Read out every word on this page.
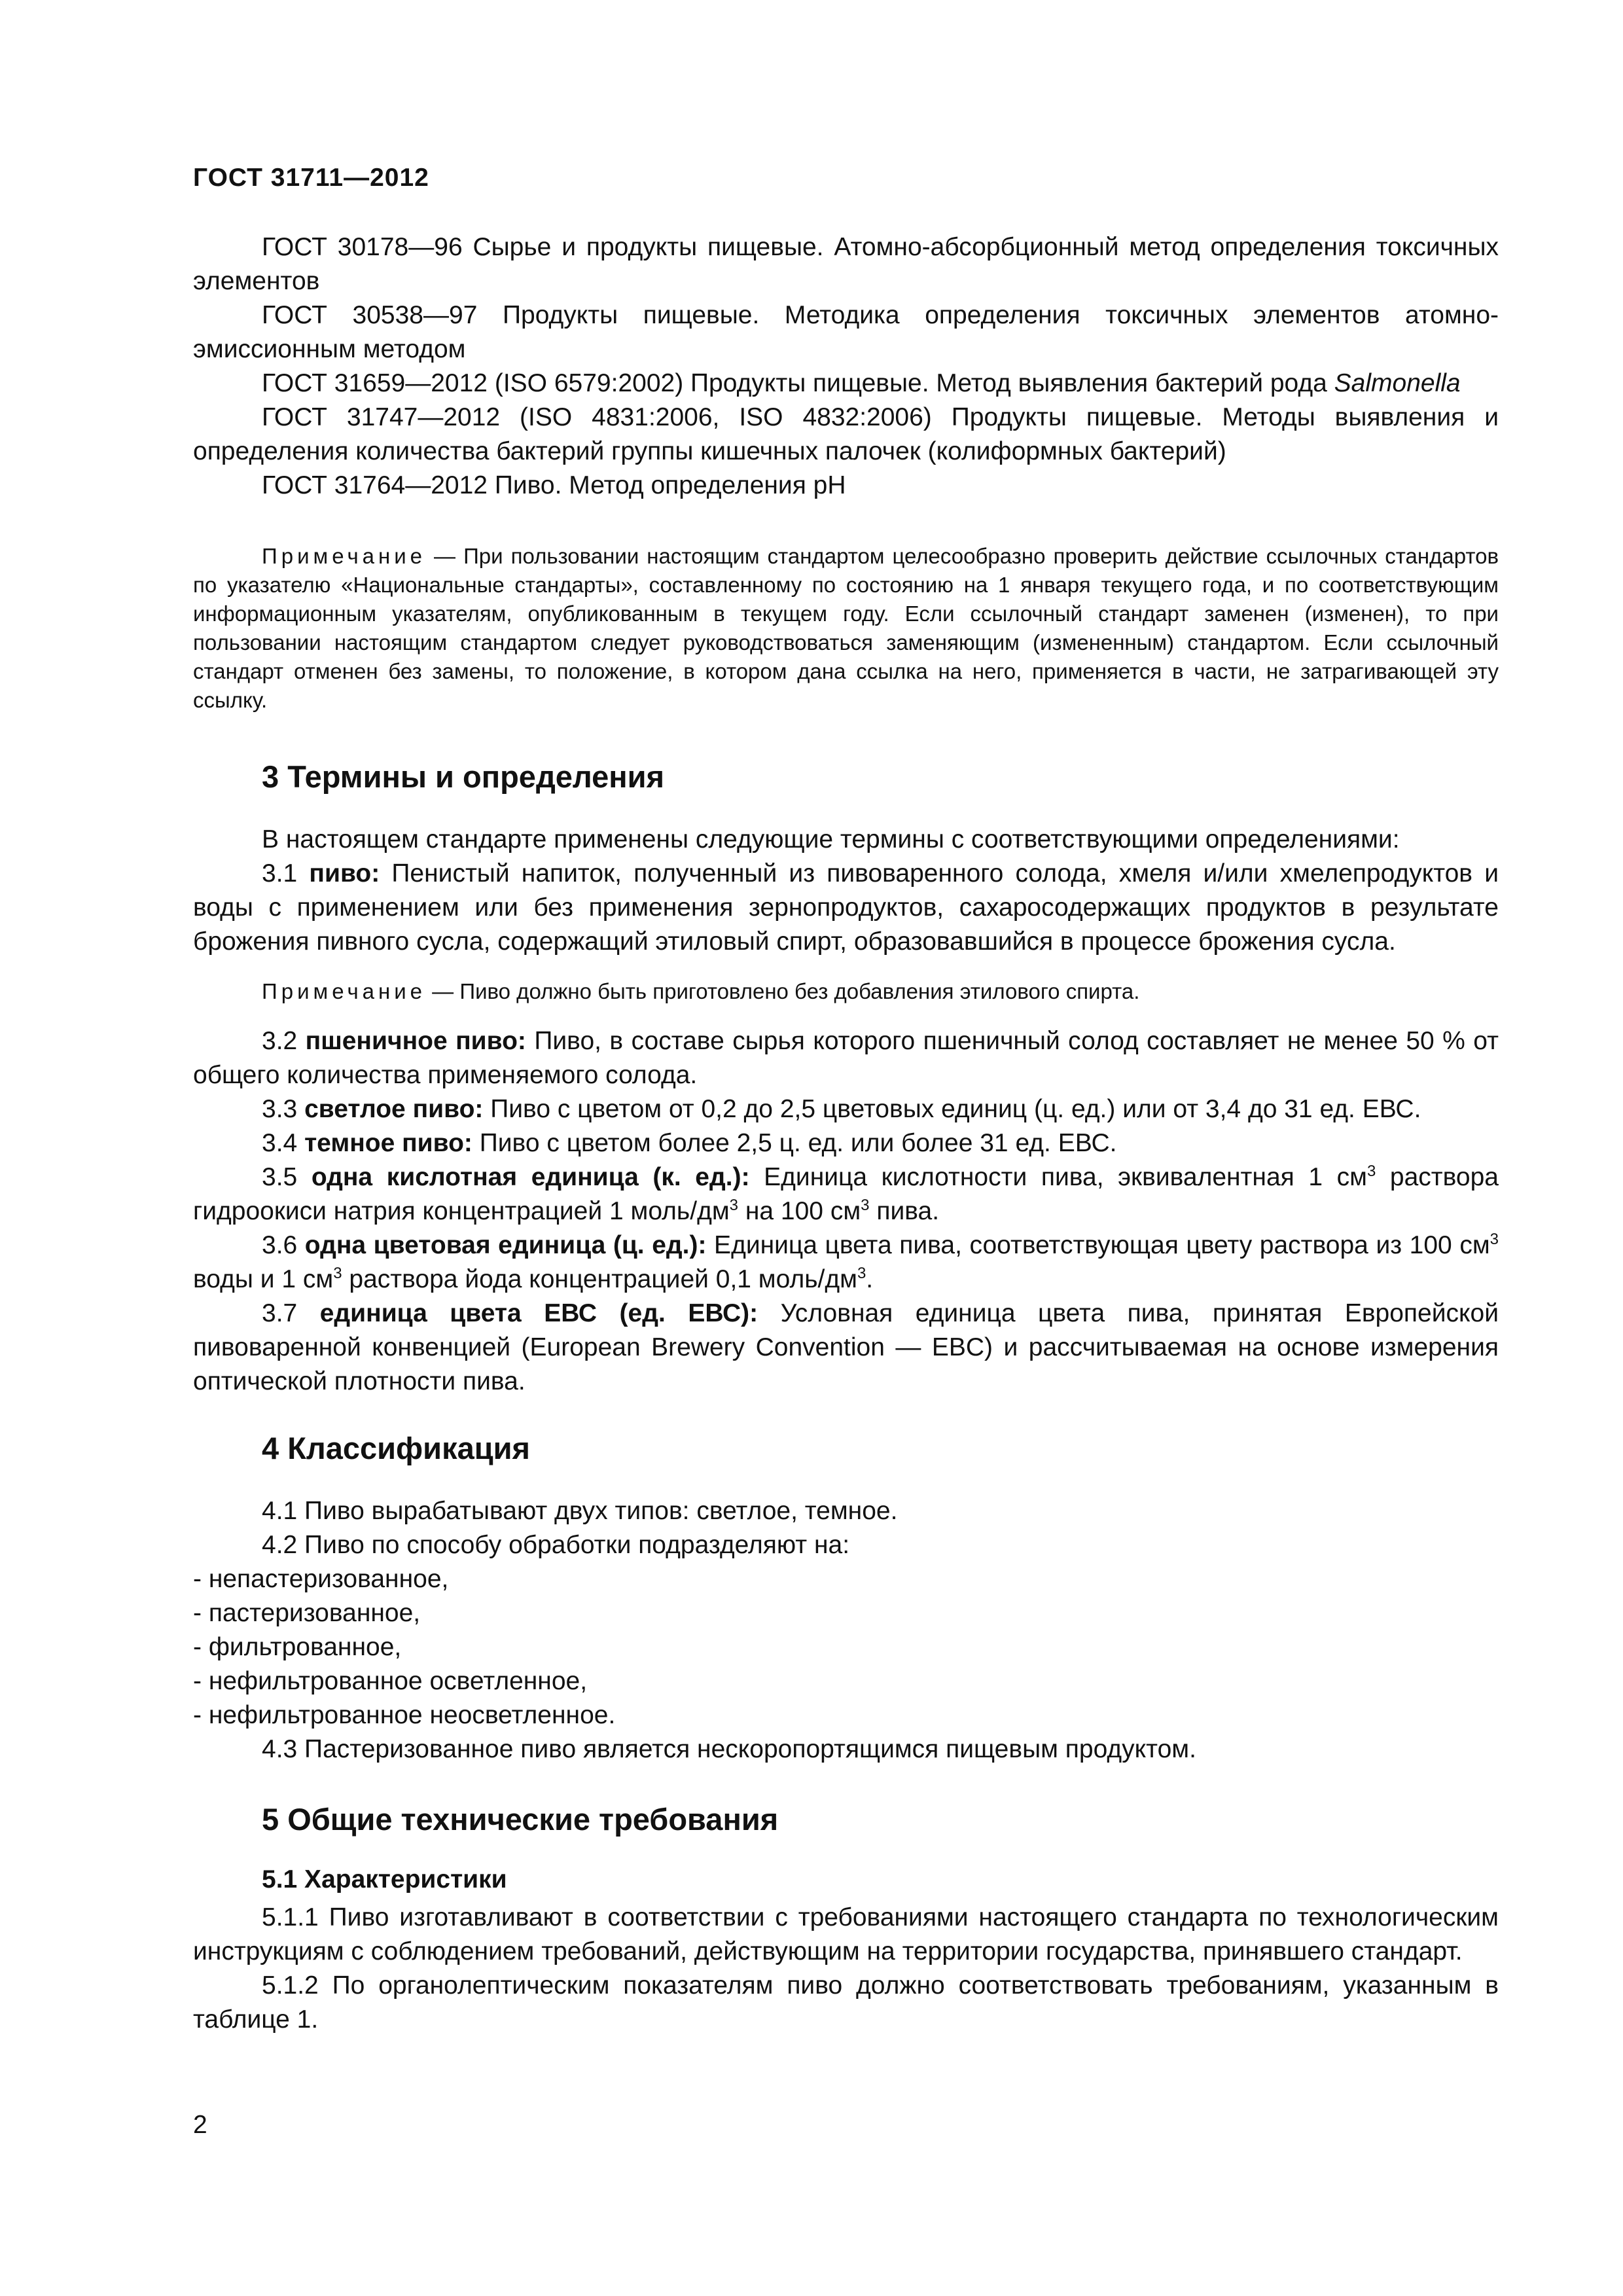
ГОСТ 31711—2012

ГОСТ 30178—96 Сырье и продукты пищевые. Атомно-абсорбционный метод определения токсичных элементов

ГОСТ 30538—97 Продукты пищевые. Методика определения токсичных элементов атомно-эмиссионным методом

ГОСТ 31659—2012 (ISO 6579:2002) Продукты пищевые. Метод выявления бактерий рода Salmonella

ГОСТ 31747—2012 (ISO 4831:2006, ISO 4832:2006) Продукты пищевые. Методы выявления и определения количества бактерий группы кишечных палочек (колиформных бактерий)

ГОСТ 31764—2012 Пиво. Метод определения pH

Примечание — При пользовании настоящим стандартом целесообразно проверить действие ссылочных стандартов по указателю «Национальные стандарты», составленному по состоянию на 1 января текущего года, и по соответствующим информационным указателям, опубликованным в текущем году. Если ссылочный стандарт заменен (изменен), то при пользовании настоящим стандартом следует руководствоваться заменяющим (измененным) стандартом. Если ссылочный стандарт отменен без замены, то положение, в котором дана ссылка на него, применяется в части, не затрагивающей эту ссылку.

3 Термины и определения

В настоящем стандарте применены следующие термины с соответствующими определениями:

3.1 пиво: Пенистый напиток, полученный из пивоваренного солода, хмеля и/или хмелепродуктов и воды с применением или без применения зернопродуктов, сахаросодержащих продуктов в результате брожения пивного сусла, содержащий этиловый спирт, образовавшийся в процессе брожения сусла.

Примечание — Пиво должно быть приготовлено без добавления этилового спирта.

3.2 пшеничное пиво: Пиво, в составе сырья которого пшеничный солод составляет не менее 50 % от общего количества применяемого солода.

3.3 светлое пиво: Пиво с цветом от 0,2 до 2,5 цветовых единиц (ц. ед.) или от 3,4 до 31 ед. ЕВС.

3.4 темное пиво: Пиво с цветом более 2,5 ц. ед. или более 31 ед. ЕВС.

3.5 одна кислотная единица (к. ед.): Единица кислотности пива, эквивалентная 1 $см^3$ раствора гидроокиси натрия концентрацией 1 моль/$дм^3$ на 100 $см^3$ пива.

3.6 одна цветовая единица (ц. ед.): Единица цвета пива, соответствующая цвету раствора из 100 $см^3$ воды и 1 $см^3$ раствора йода концентрацией 0,1 моль/$дм^3$.

3.7 единица цвета ЕВС (ед. ЕВС): Условная единица цвета пива, принятая Европейской пивоваренной конвенцией (European Brewery Convention — EBC) и рассчитываемая на основе измерения оптической плотности пива.

4 Классификация

4.1 Пиво вырабатывают двух типов: светлое, темное.

4.2 Пиво по способу обработки подразделяют на:

- непастеризованное,

- пастеризованное,

- фильтрованное,

- нефильтрованное осветленное,

- нефильтрованное неосветленное.

4.3 Пастеризованное пиво является нескоропортящимся пищевым продуктом.

5 Общие технические требования
5.1 Характеристики

5.1.1 Пиво изготавливают в соответствии с требованиями настоящего стандарта по технологическим инструкциям с соблюдением требований, действующим на территории государства, принявшего стандарт.

5.1.2 По органолептическим показателям пиво должно соответствовать требованиям, указанным в таблице 1.

2
